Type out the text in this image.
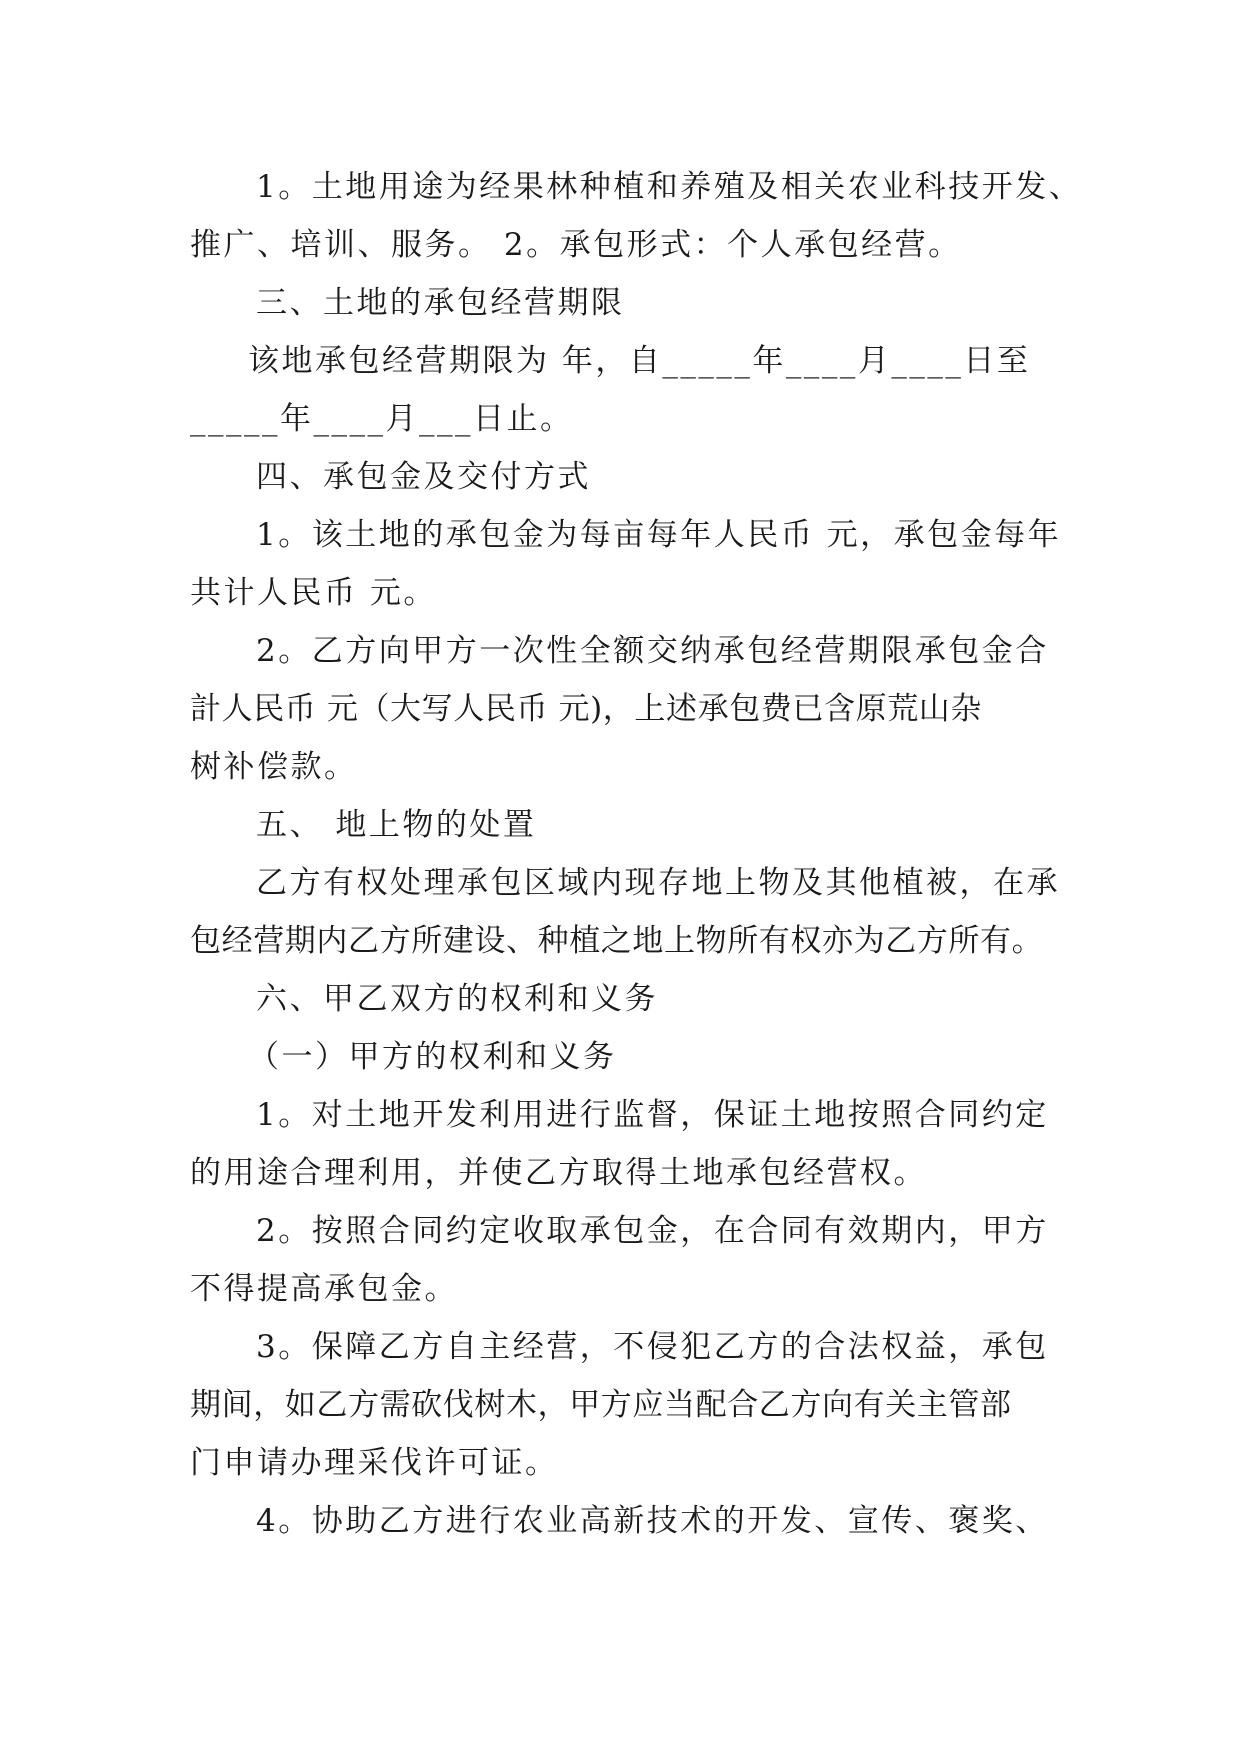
1。土地用途为经果林种植和养殖及相关农业科技开发、
推广、培训、服务。 2。承包形式：个人承包经营。
三、土地的承包经营期限
该地承包经营期限为 年，自_____年____月____日至
_____年____月___日止。
四、承包金及交付方式
1。该土地的承包金为每亩每年人民币 元，承包金每年
共计人民币 元。
2。乙方向甲方一次性全额交纳承包经营期限承包金合
計人民币 元（大写人民币 元)，上述承包费已含原荒山杂
树补偿款。
五、 地上物的处置
乙方有权处理承包区域内现存地上物及其他植被，在承
包经营期内乙方所建设、种植之地上物所有权亦为乙方所有。
六、甲乙双方的权利和义务
（一）甲方的权利和义务
1。对土地开发利用进行监督，保证土地按照合同约定
的用途合理利用，并使乙方取得土地承包经营权。
2。按照合同约定收取承包金，在合同有效期内，甲方
不得提高承包金。
3。保障乙方自主经营，不侵犯乙方的合法权益，承包
期间，如乙方需砍伐树木，甲方应当配合乙方向有关主管部
门申请办理采伐许可证。
4。协助乙方进行农业高新技术的开发、宣传、褒奖、
